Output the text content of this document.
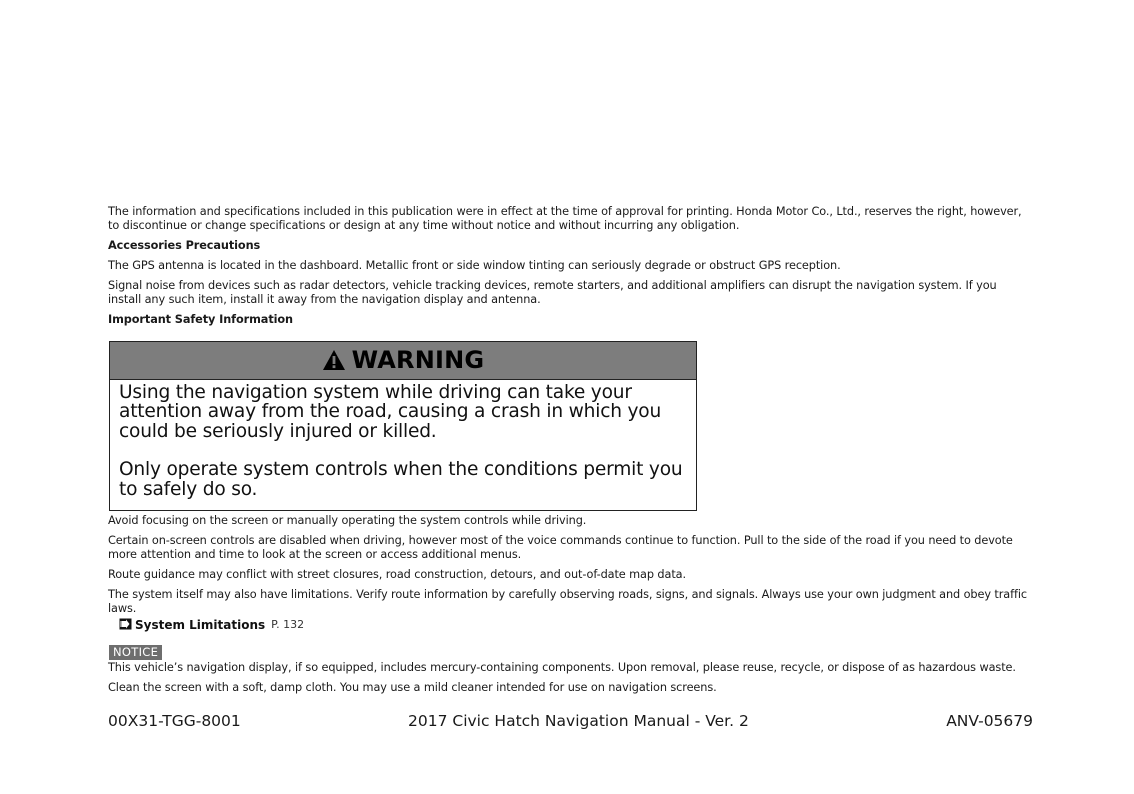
The information and specifications included in this publication were in effect at the time of approval for printing. Honda Motor Co., Ltd., reserves the right, however, to discontinue or change specifications or design at any time without notice and without incurring any obligation.

Accessories Precautions

The GPS antenna is located in the dashboard. Metallic front or side window tinting can seriously degrade or obstruct GPS reception.

Signal noise from devices such as radar detectors, vehicle tracking devices, remote starters, and additional amplifiers can disrupt the navigation system. If you install any such item, install it away from the navigation display and antenna.

Important Safety Information

WARNING

Using the navigation system while driving can take your attention away from the road, causing a crash in which you could be seriously injured or killed.

Only operate system controls when the conditions permit you to safely do so.

Avoid focusing on the screen or manually operating the system controls while driving.

Certain on-screen controls are disabled when driving, however most of the voice commands continue to function. Pull to the side of the road if you need to devote more attention and time to look at the screen or access additional menus.

Route guidance may conflict with street closures, road construction, detours, and out-of-date map data.

The system itself may also have limitations. Verify route information by carefully observing roads, signs, and signals. Always use your own judgment and obey traffic laws.

System Limitations P. 132
NOTICE

This vehicle’s navigation display, if so equipped, includes mercury-containing components. Upon removal, please reuse, recycle, or dispose of as hazardous waste.

Clean the screen with a soft, damp cloth. You may use a mild cleaner intended for use on navigation screens.

00X31-TGG-8001	2017 Civic Hatch Navigation Manual - Ver. 2	ANV-05679
